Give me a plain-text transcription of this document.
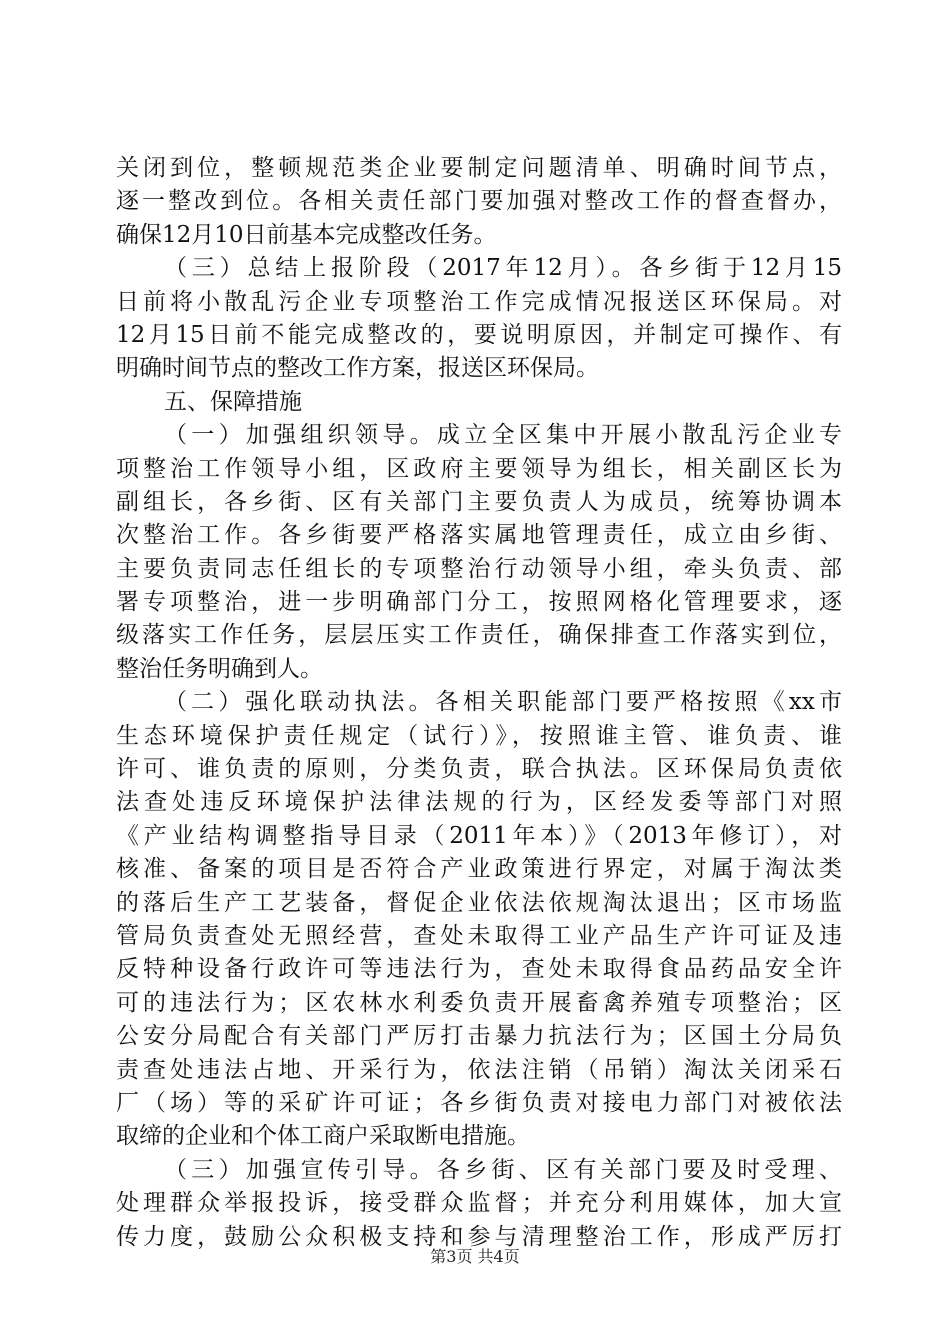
关闭到位，整顿规范类企业要制定问题清单、明确时间节点，
逐一整改到位。各相关责任部门要加强对整改工作的督查督办，
确保12月10日前基本完成整改任务。
（三）总结上报阶段（2017年12月）。各乡街于12月15
日前将小散乱污企业专项整治工作完成情况报送区环保局。对
12月15日前不能完成整改的，要说明原因，并制定可操作、有
明确时间节点的整改工作方案，报送区环保局。
五、保障措施
（一）加强组织领导。成立全区集中开展小散乱污企业专
项整治工作领导小组，区政府主要领导为组长，相关副区长为
副组长，各乡街、区有关部门主要负责人为成员，统筹协调本
次整治工作。各乡街要严格落实属地管理责任，成立由乡街、
主要负责同志任组长的专项整治行动领导小组，牵头负责、部
署专项整治，进一步明确部门分工，按照网格化管理要求，逐
级落实工作任务，层层压实工作责任，确保排查工作落实到位，
整治任务明确到人。
（二）强化联动执法。各相关职能部门要严格按照《xx市
生态环境保护责任规定（试行）》，按照谁主管、谁负责、谁
许可、谁负责的原则，分类负责，联合执法。区环保局负责依
法查处违反环境保护法律法规的行为，区经发委等部门对照
《产业结构调整指导目录（2011年本）》（2013年修订），对
核准、备案的项目是否符合产业政策进行界定，对属于淘汰类
的落后生产工艺装备，督促企业依法依规淘汰退出；区市场监
管局负责查处无照经营，查处未取得工业产品生产许可证及违
反特种设备行政许可等违法行为，查处未取得食品药品安全许
可的违法行为；区农林水利委负责开展畜禽养殖专项整治；区
公安分局配合有关部门严厉打击暴力抗法行为；区国土分局负
责查处违法占地、开采行为，依法注销（吊销）淘汰关闭采石
厂（场）等的采矿许可证；各乡街负责对接电力部门对被依法
取缔的企业和个体工商户采取断电措施。
（三）加强宣传引导。各乡街、区有关部门要及时受理、
处理群众举报投诉，接受群众监督；并充分利用媒体，加大宣
传力度，鼓励公众积极支持和参与清理整治工作，形成严厉打
第3页 共4页
